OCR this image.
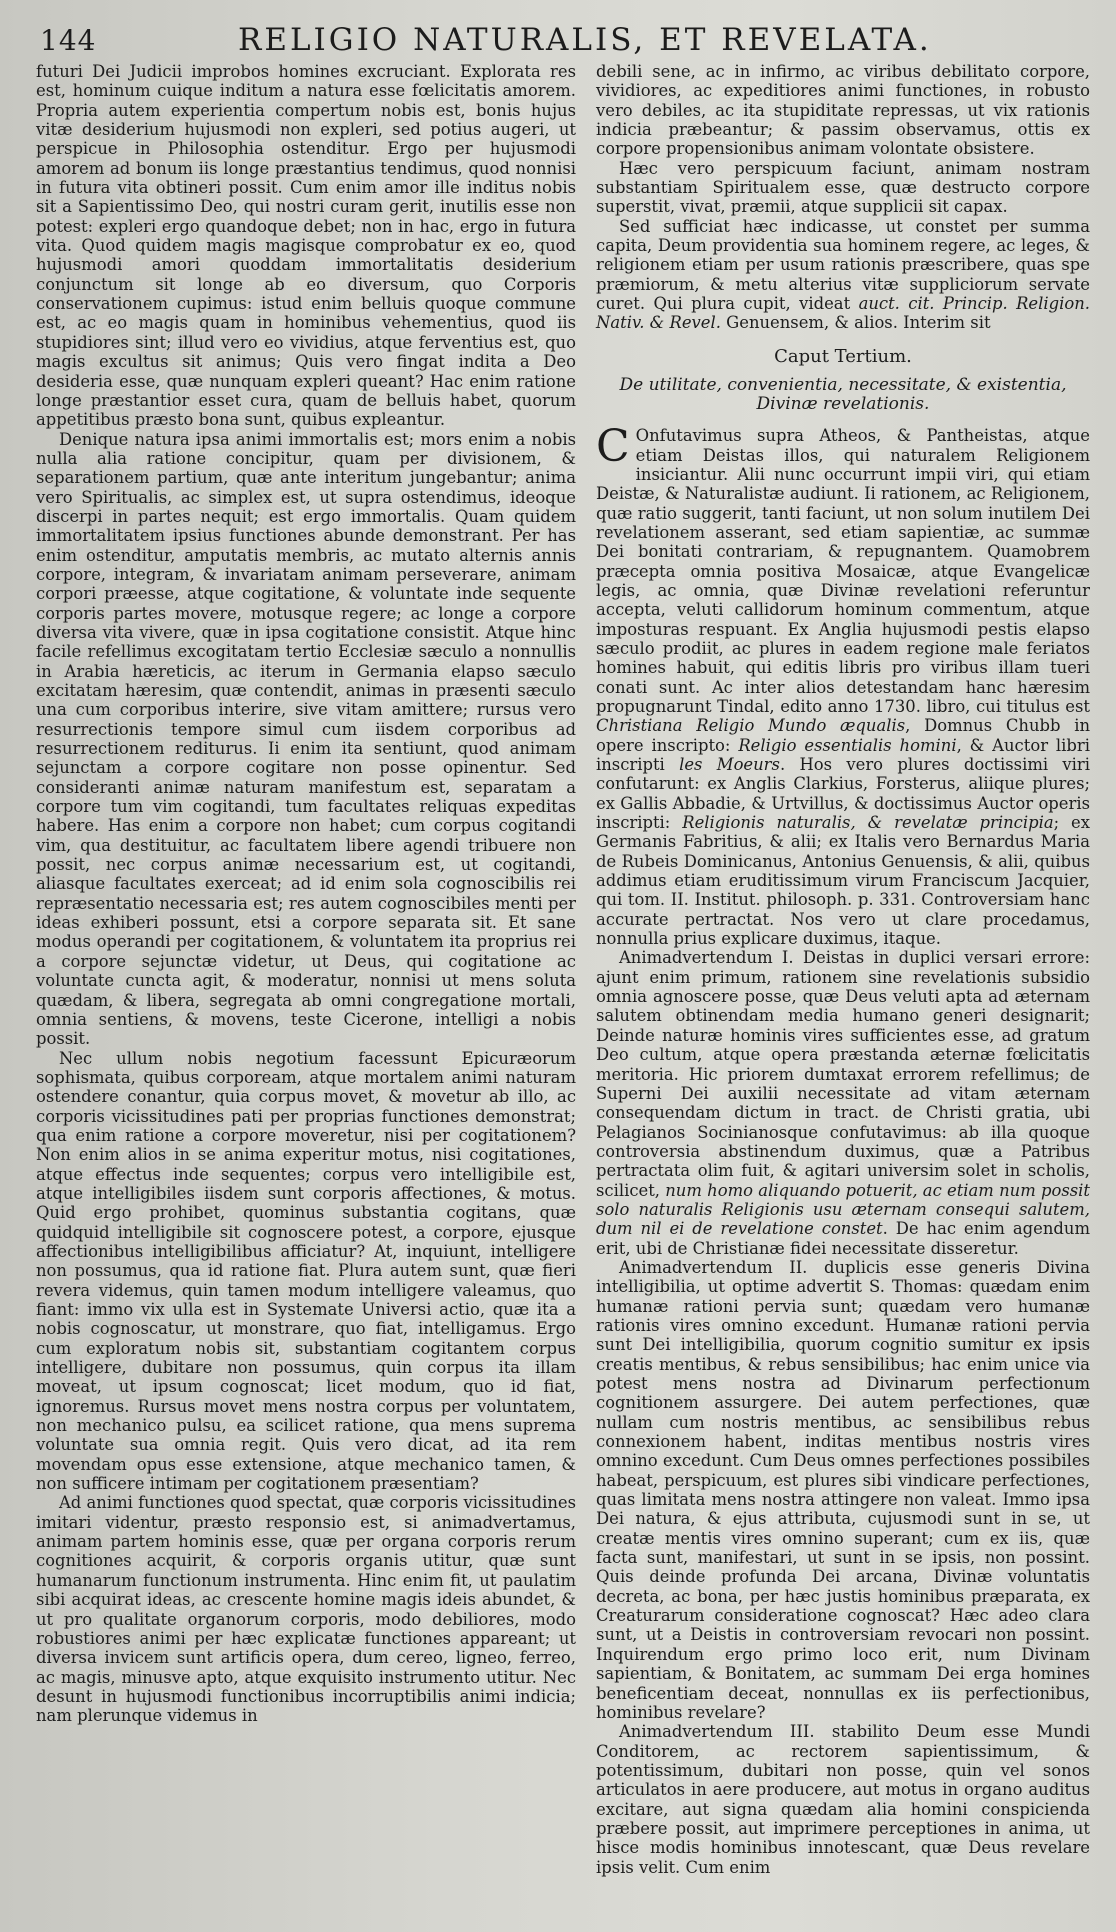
144	RELIGIO NATURALIS, ET REVELATA.

futuri Dei Judicii improbos homines excruciant. Explorata res est, hominum cuique inditum a natura esse fœlicitatis amorem. Propria autem experientia compertum nobis est, bonis hujus vitæ desiderium hujusmodi non expleri, sed potius augeri, ut perspicue in Philosophia ostenditur. Ergo per hujusmodi amorem ad bonum iis longe præstantius tendimus, quod nonnisi in futura vita obtineri possit. Cum enim amor ille inditus nobis sit a Sapientissimo Deo, qui nostri curam gerit, inutilis esse non potest: expleri ergo quandoque debet; non in hac, ergo in futura vita. Quod quidem magis magisque comprobatur ex eo, quod hujusmodi amori quoddam immortalitatis desiderium conjunctum sit longe ab eo diversum, quo Corporis conservationem cupimus: istud enim belluis quoque commune est, ac eo magis quam in hominibus vehementius, quod iis stupidiores sint; illud vero eo vividius, atque ferventius est, quo magis excultus sit animus; Quis vero fingat indita a Deo desideria esse, quæ nunquam expleri queant? Hac enim ratione longe præstantior esset cura, quam de belluis habet, quorum appetitibus præsto bona sunt, quibus expleantur.

Denique natura ipsa animi immortalis est; mors enim a nobis nulla alia ratione concipitur, quam per divisionem, & separationem partium, quæ ante interitum jungebantur; anima vero Spiritualis, ac simplex est, ut supra ostendimus, ideoque discerpi in partes nequit; est ergo immortalis. Quam quidem immortalitatem ipsius functiones abunde demonstrant. Per has enim ostenditur, amputatis membris, ac mutato alternis annis corpore, integram, & invariatam animam perseverare, animam corpori præesse, atque cogitatione, & voluntate inde sequente corporis partes movere, motusque regere; ac longe a corpore diversa vita vivere, quæ in ipsa cogitatione consistit. Atque hinc facile refellimus excogitatam tertio Ecclesiæ sæculo a nonnullis in Arabia hæreticis, ac iterum in Germania elapso sæculo excitatam hæresim, quæ contendit, animas in præsenti sæculo una cum corporibus interire, sive vitam amittere; rursus vero resurrectionis tempore simul cum iisdem corporibus ad resurrectionem rediturus. Ii enim ita sentiunt, quod animam sejunctam a corpore cogitare non posse opinentur. Sed consideranti animæ naturam manifestum est, separatam a corpore tum vim cogitandi, tum facultates reliquas expeditas habere. Has enim a corpore non habet; cum corpus cogitandi vim, qua destituitur, ac facultatem libere agendi tribuere non possit, nec corpus animæ necessarium est, ut cogitandi, aliasque facultates exerceat; ad id enim sola cognoscibilis rei repræsentatio necessaria est; res autem cognoscibiles menti per ideas exhiberi possunt, etsi a corpore separata sit. Et sane modus operandi per cogitationem, & voluntatem ita proprius rei a corpore sejunctæ videtur, ut Deus, qui cogitatione ac voluntate cuncta agit, & moderatur, nonnisi ut mens soluta quædam, & libera, segregata ab omni congregatione mortali, omnia sentiens, & movens, teste Cicerone, intelligi a nobis possit.

Nec ullum nobis negotium facessunt Epicuræorum sophismata, quibus corpoream, atque mortalem animi naturam ostendere conantur, quia corpus movet, & movetur ab illo, ac corporis vicissitudines pati per proprias functiones demonstrat; qua enim ratione a corpore moveretur, nisi per cogitationem? Non enim alios in se animа experitur motus, nisi cogitationes, atque effectus inde sequentes; corpus vero intelligibile est, atque intelligibiles iisdem sunt corporis affectiones, & motus. Quid ergo prohibet, quominus substantia cogitans, quæ quidquid intelligibile sit cognoscere potest, a corpore, ejusque affectionibus intelligibilibus afficiatur? At, inquiunt, intelligere non possumus, qua id ratione fiat. Plura autem sunt, quæ fieri revera videmus, quin tamen modum intelligere valeamus, quo fiant: immo vix ulla est in Systemate Universi actio, quæ ita a nobis cognoscatur, ut monstrare, quo fiat, intelligamus. Ergo cum exploratum nobis sit, substantiam cogitantem corpus intelligere, dubitare non possumus, quin corpus ita illam moveat, ut ipsum cognoscat; licet modum, quo id fiat, ignoremus. Rursus movet mens nostra corpus per voluntatem, non mechanico pulsu, ea scilicet ratione, qua mens suprema voluntate sua omnia regit. Quis vero dicat, ad ita rem movendam opus esse extensione, atque mechanico tamen, & non sufficere intimam per cogitationem præsentiam?

Ad animi functiones quod spectat, quæ corporis vicissitudines imitari videntur, præsto responsio est, si animadvertamus, animam partem hominis esse, quæ per organa corporis rerum cognitiones acquirit, & corporis organis utitur, quæ sunt humanarum functionum instrumenta. Hinc enim fit, ut paulatim sibi acquirat ideas, ac crescente homine magis ideis abundet, & ut pro qualitate organorum corporis, modo debiliores, modo robustiores animi per hæc explicatæ functiones appareant; ut diversa invicem sunt artificis opera, dum cereo, ligneo, ferreo, ac magis, minusve apto, atque exquisito instrumento utitur. Nec desunt in hujusmodi functionibus incorruptibilis animi indicia; nam plerunque videmus in

debili sene, ac in infirmo, ac viribus debilitato corpore, vividiores, ac expeditiores animi functiones, in robusto vero debiles, ac ita stupiditate repressas, ut vix rationis indicia præbeantur; & passim observamus, ottis ex corpore propensionibus animam volontate obsistere.

Hæc vero perspicuum faciunt, animam nostram substantiam Spiritualem esse, quæ destructo corpore superstit, vivat, præmii, atque supplicii sit capax.

Sed sufficiat hæc indicasse, ut constet per summa capita, Deum providentia sua hominem regere, ac leges, & religionem etiam per usum rationis præscribere, quas spe præmiorum, & metu alterius vitæ suppliciorum servate curet. Qui plura cupit, videat auct. cit. Princip. Religion. Nativ. & Revel. Genuensem, & alios. Interim sit

Caput Tertium.
De utilitate, convenientia, necessitate, & existentia, Divinæ revelationis.

C Onfutavimus supra Atheos, & Pantheistas, atque etiam Deistas illos, qui naturalem Religionem insiciantur. Alii nunc occurrunt impii viri, qui etiam Deistæ, & Naturalistæ audiunt. Ii rationem, ac Religionem, quæ ratio suggerit, tanti faciunt, ut non solum inutilem Dei revelationem asserant, sed etiam sapientiæ, ac summæ Dei bonitati contrariam, & repugnantem. Quamobrem præcepta omnia positiva Mosaicæ, atque Evangelicæ legis, ac omnia, quæ Divinæ revelationi referuntur accepta, veluti callidorum hominum commentum, atque imposturas respuant. Ex Anglia hujusmodi pestis elapso sæculo prodiit, ac plures in eadem regione male feriatos homines habuit, qui editis libris pro viribus illam tueri conati sunt. Ac inter alios detestandam hanc hæresim propugnarunt Tindal, edito anno 1730. libro, cui titulus est Christiana Religio Mundo æqualis, Domnus Chubb in opere inscripto: Religio essentialis homini, & Auctor libri inscripti les Moeurs. Hos vero plures doctissimi viri confutarunt: ex Anglis Clarkius, Forsterus, aliique plures; ex Gallis Abbadie, & Urtvillus, & doctissimus Auctor operis inscripti: Religionis naturalis, & revelatæ principia; ex Germanis Fabritius, & alii; ex Italis vero Bernardus Maria de Rubeis Dominicanus, Antonius Genuensis, & alii, quibus addimus etiam eruditissimum virum Franciscum Jacquier, qui tom. II. Institut. philosoph. p. 331. Controversiam hanc accurate pertractat. Nos vero ut clare procedamus, nonnulla prius explicare duximus, itaque.

Animadvertendum I. Deistas in duplici versari errore: ajunt enim primum, rationem sine revelationis subsidio omnia agnoscere posse, quæ Deus veluti apta ad æternam salutem obtinendam media humano generi designarit; Deinde naturæ hominis vires sufficientes esse, ad gratum Deo cultum, atque opera præstanda æternæ fœlicitatis meritoria. Hic priorem dumtaxat errorem refellimus; de Superni Dei auxilii necessitate ad vitam æternam consequendam dictum in tract. de Christi gratia, ubi Pelagianos Socinianosque confutavimus: ab illa quoque controversia abstinendum duximus, quæ a Patribus pertractata olim fuit, & agitari universim solet in scholis, scilicet, num homo aliquando potuerit, ac etiam num possit solo naturalis Religionis usu æternam consequi salutem, dum nil ei de revelatione constet. De hac enim agendum erit, ubi de Christianæ fidei necessitate disseretur.

Animadvertendum II. duplicis esse generis Divina intelligibilia, ut optime advertit S. Thomas: quædam enim humanæ rationi pervia sunt; quædam vero humanæ rationis vires omnino excedunt. Humanæ rationi pervia sunt Dei intelligibilia, quorum cognitio sumitur ex ipsis creatis mentibus, & rebus sensibilibus; hac enim unice via potest mens nostra ad Divinarum perfectionum cognitionem assurgere. Dei autem perfectiones, quæ nullam cum nostris mentibus, ac sensibilibus rebus connexionem habent, inditas mentibus nostris vires omnino excedunt. Cum Deus omnes perfectiones possibiles habeat, perspicuum, est plures sibi vindicare perfectiones, quas limitata mens nostra attingere non valeat. Immo ipsa Dei natura, & ejus attributa, cujusmodi sunt in se, ut creatæ mentis vires omnino superant; cum ex iis, quæ facta sunt, manifestari, ut sunt in se ipsis, non possint. Quis deinde profunda Dei arcana, Divinæ voluntatis decreta, ac bona, per hæc justis hominibus præparata, ex Creaturarum consideratione cognoscat? Hæc adeo clara sunt, ut a Deistis in controversiam revocari non possint. Inquirendum ergo primo loco erit, num Divinam sapientiam, & Bonitatem, ac summam Dei erga homines beneficentiam deceat, nonnullas ex iis perfectionibus, hominibus revelare?

Animadvertendum III. stabilito Deum esse Mundi Conditorem, ac rectorem sapientissimum, & potentissimum, dubitari non posse, quin vel sonos articulatos in aere producere, aut motus in organo auditus excitare, aut signa quædam alia homini conspicienda præbere possit, aut imprimere perceptiones in anima, ut hisce modis hominibus innotescant, quæ Deus revelare ipsis velit. Cum enim
